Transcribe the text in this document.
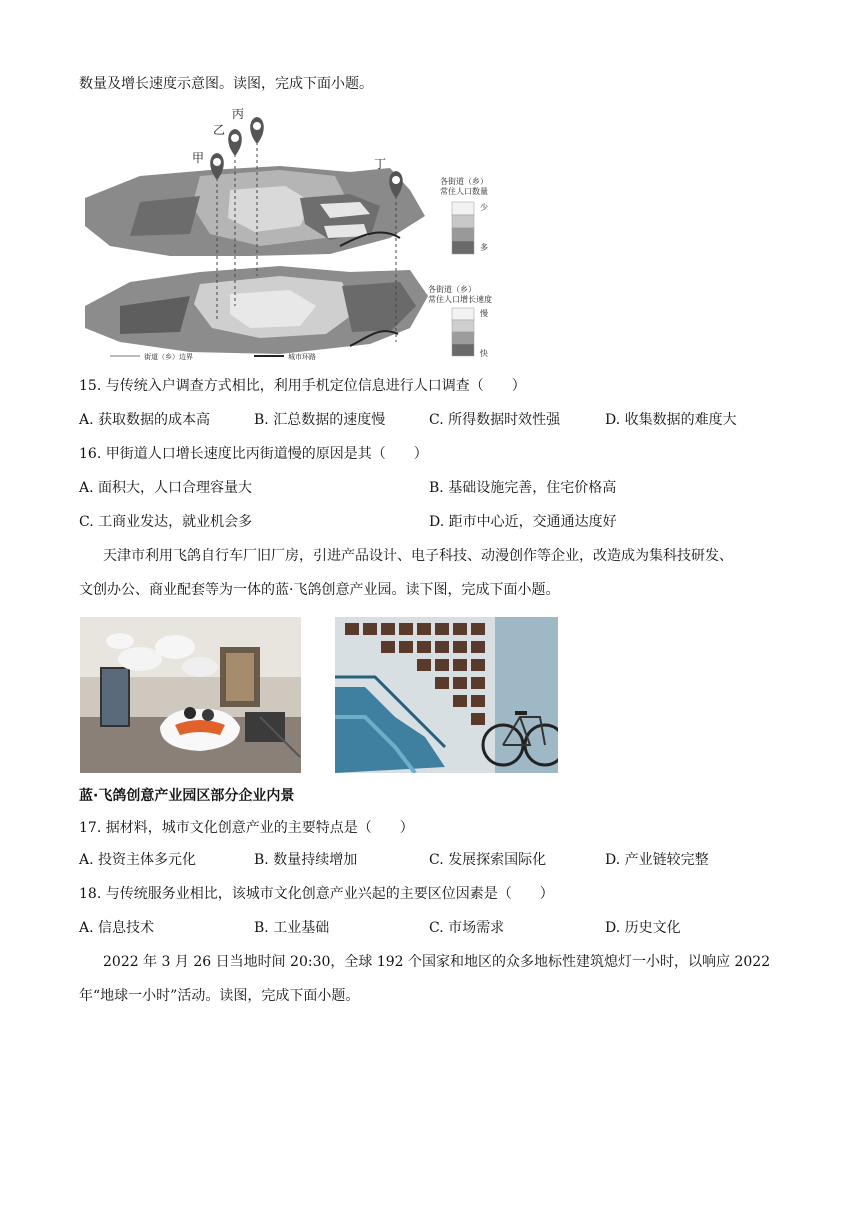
数量及增长速度示意图。读图，完成下面小题。
甲
乙
丙
丁
各街道（乡）
常住人口数量
少
多
各街道（乡）
常住人口增长速度
慢
快
街道（乡）边界	城市环路
15. 与传统入户调查方式相比，利用手机定位信息进行人口调查（　　）
A. 获取数据的成本高	B. 汇总数据的速度慢	C. 所得数据时效性强	D. 收集数据的难度大
16. 甲街道人口增长速度比丙街道慢的原因是其（　　）
A. 面积大，人口合理容量大	B. 基础设施完善，住宅价格高
C. 工商业发达，就业机会多	D. 距市中心近，交通通达度好
天津市利用飞鸽自行车厂旧厂房，引进产品设计、电子科技、动漫创作等企业，改造成为集科技研发、
文创办公、商业配套等为一体的蓝·飞鸽创意产业园。读下图，完成下面小题。
蓝·飞鸽创意产业园区部分企业内景
17. 据材料，城市文化创意产业的主要特点是（　　）
A. 投资主体多元化	B. 数量持续增加	C. 发展探索国际化	D. 产业链较完整
18. 与传统服务业相比，该城市文化创意产业兴起的主要区位因素是（　　）
A. 信息技术	B. 工业基础	C. 市场需求	D. 历史文化
2022 年 3 月 26 日当地时间 20:30，全球 192 个国家和地区的众多地标性建筑熄灯一小时，以响应 2022
年“地球一小时”活动。读图，完成下面小题。
